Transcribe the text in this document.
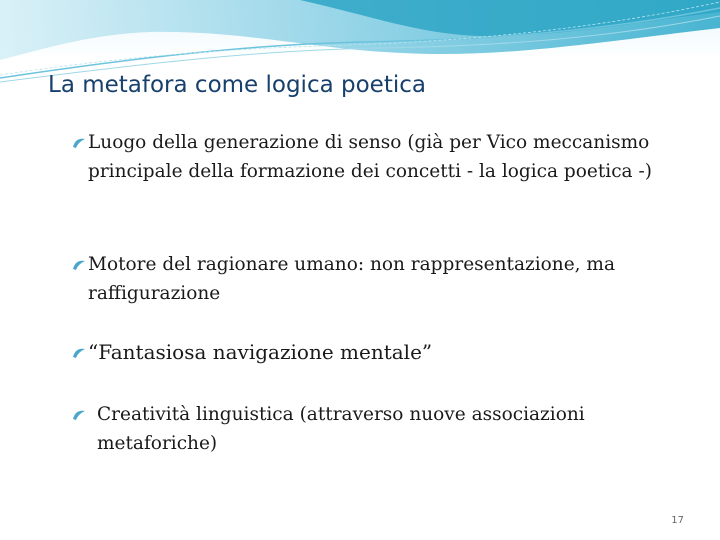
La metafora come logica poetica
Luogo della generazione di senso (già per Vico meccanismo principale della formazione dei concetti - la logica poetica -)
Motore del ragionare umano: non rappresentazione, ma raffigurazione
“Fantasiosa navigazione mentale”
Creatività linguistica (attraverso nuove associazioni metaforiche)
17
